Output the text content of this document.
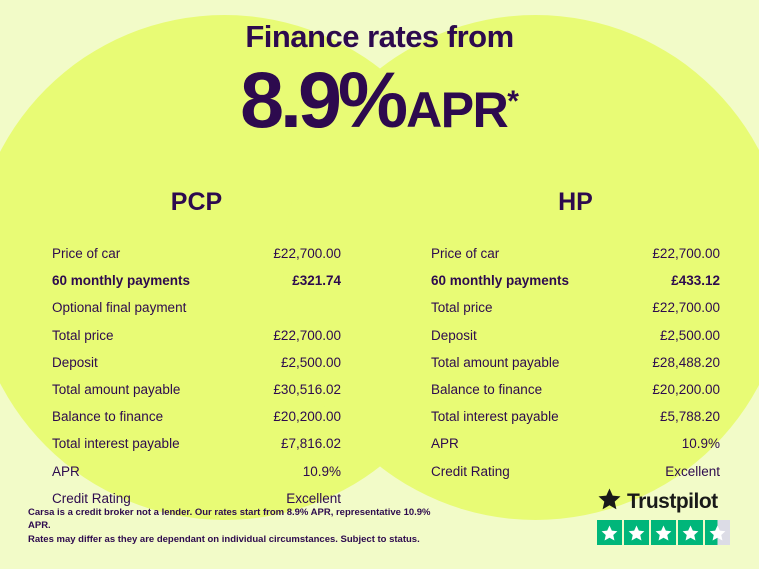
Finance rates from
8.9% APR *
PCP
Price of car	£22,700.00
60 monthly payments	£321.74
Optional final payment
Total price	£22,700.00
Deposit	£2,500.00
Total amount payable	£30,516.02
Balance to finance	£20,200.00
Total interest payable	£7,816.02
APR	10.9%
Credit Rating	Excellent
HP
Price of car	£22,700.00
60 monthly payments	£433.12
Total price	£22,700.00
Deposit	£2,500.00
Total amount payable	£28,488.20
Balance to finance	£20,200.00
Total interest payable	£5,788.20
APR	10.9%
Credit Rating	Excellent
Carsa is a credit broker not a lender. Our rates start from 8.9% APR, representative 10.9% APR.
Rates may differ as they are dependant on individual circumstances. Subject to status.
Trustpilot
